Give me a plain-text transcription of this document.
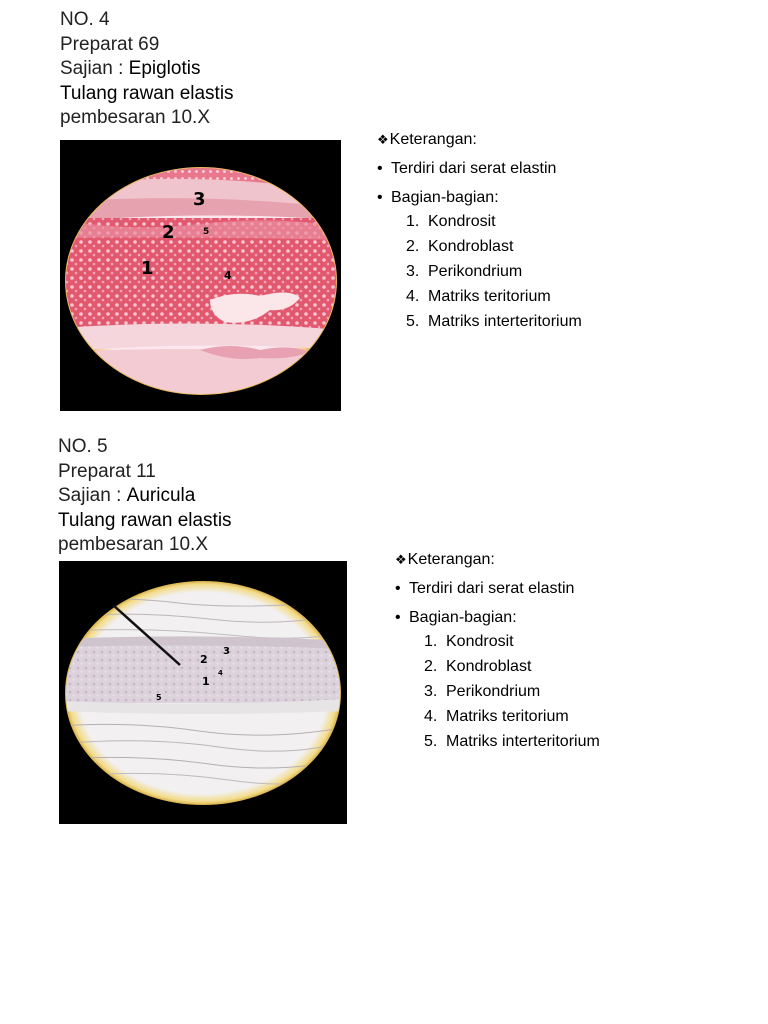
NO. 4
Preparat 69
Sajian : Epiglotis
Tulang rawan elastis
pembesaran 10.X
3
2	5
1	4
❖ Keterangan:
• Terdiri dari serat elastin
• Bagian-bagian:
1. Kondrosit
2. Kondroblast
3. Perikondrium
4. Matriks teritorium
5. Matriks interteritorium
NO. 5
Preparat 11
Sajian : Auricula
Tulang rawan elastis
pembesaran 10.X
3
2
4
1
5
❖ Keterangan:
• Terdiri dari serat elastin
• Bagian-bagian:
1. Kondrosit
2. Kondroblast
3. Perikondrium
4. Matriks teritorium
5. Matriks interteritorium
